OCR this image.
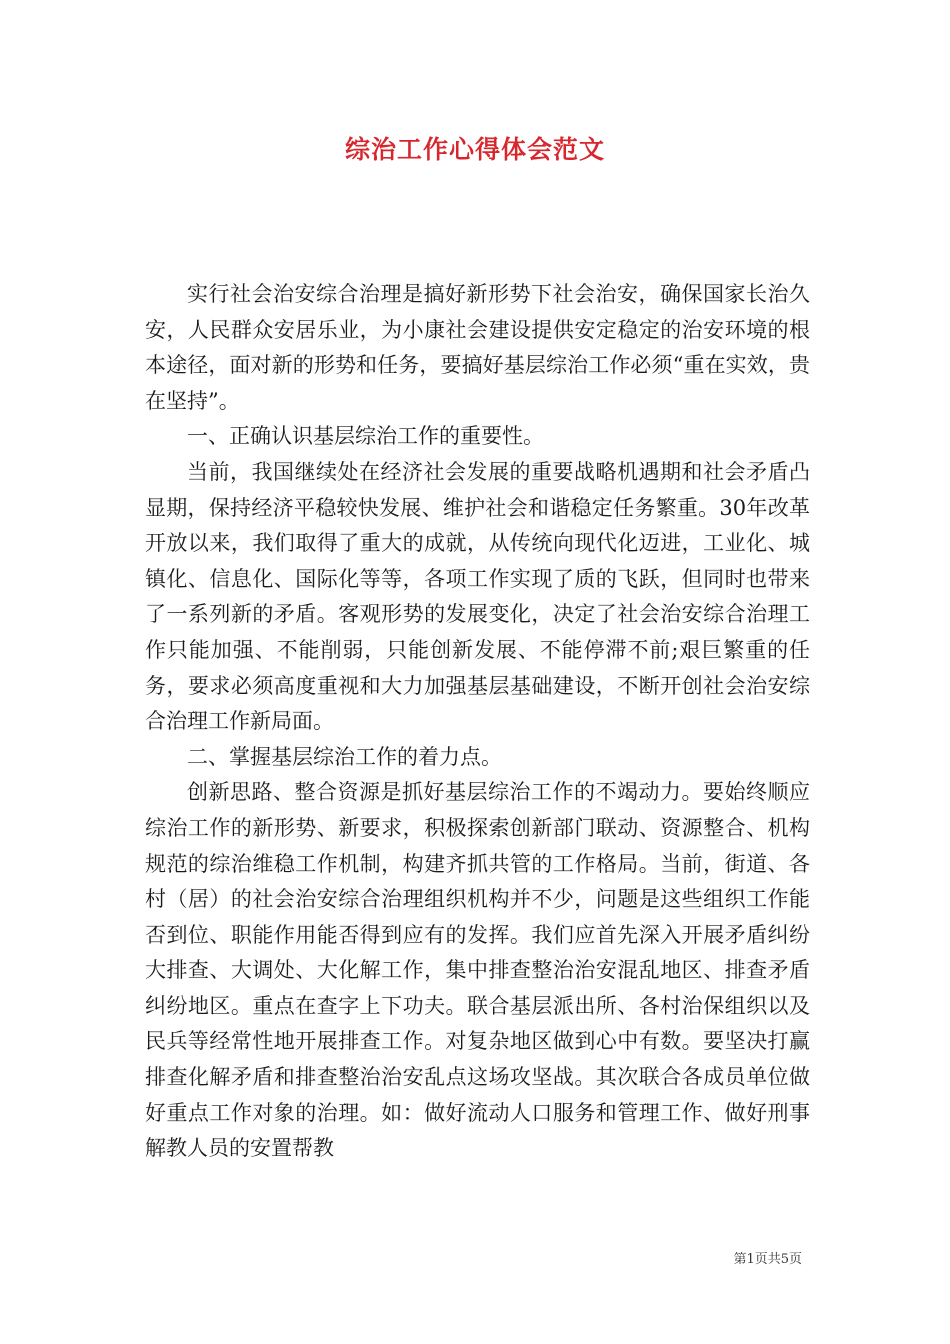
综治工作心得体会范文

实行社会治安综合治理是搞好新形势下社会治安，确保国家长治久安，人民群众安居乐业，为小康社会建设提供安定稳定的治安环境的根本途径，面对新的形势和任务，要搞好基层综治工作必须“重在实效，贵在坚持”。

一、正确认识基层综治工作的重要性。

当前，我国继续处在经济社会发展的重要战略机遇期和社会矛盾凸显期，保持经济平稳较快发展、维护社会和谐稳定任务繁重。30年改革开放以来，我们取得了重大的成就，从传统向现代化迈进，工业化、城镇化、信息化、国际化等等，各项工作实现了质的飞跃，但同时也带来了一系列新的矛盾。客观形势的发展变化，决定了社会治安综合治理工作只能加强、不能削弱，只能创新发展、不能停滞不前;艰巨繁重的任务，要求必须高度重视和大力加强基层基础建设，不断开创社会治安综合治理工作新局面。

二、掌握基层综治工作的着力点。

创新思路、整合资源是抓好基层综治工作的不竭动力。要始终顺应综治工作的新形势、新要求，积极探索创新部门联动、资源整合、机构规范的综治维稳工作机制，构建齐抓共管的工作格局。当前，街道、各村（居）的社会治安综合治理组织机构并不少，问题是这些组织工作能否到位、职能作用能否得到应有的发挥。我们应首先深入开展矛盾纠纷大排查、大调处、大化解工作，集中排查整治治安混乱地区、排查矛盾纠纷地区。重点在查字上下功夫。联合基层派出所、各村治保组织以及民兵等经常性地开展排查工作。对复杂地区做到心中有数。要坚决打赢排查化解矛盾和排查整治治安乱点这场攻坚战。其次联合各成员单位做好重点工作对象的治理。如：做好流动人口服务和管理工作、做好刑事解教人员的安置帮教

第1页共5页
